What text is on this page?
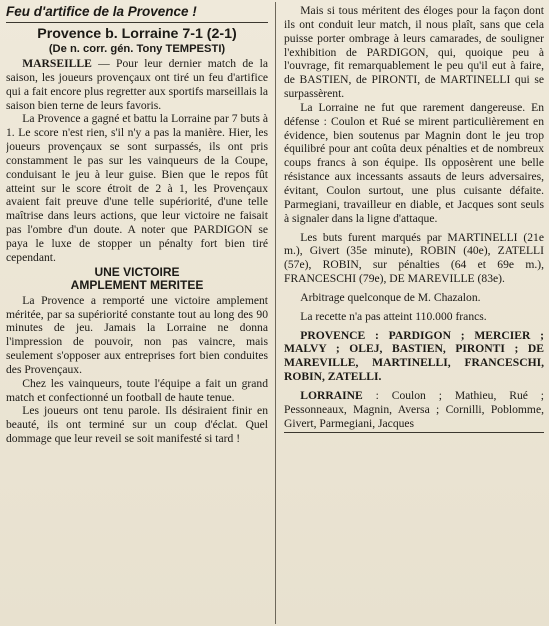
Feu d'artifice de la Provence !
Provence b. Lorraine 7-1 (2-1)
(De n. corr. gén. Tony TEMPESTI)

MARSEILLE — Pour leur dernier match de la saison, les joueurs provençaux ont tiré un feu d'artifice qui a fait encore plus regretter aux sportifs marseillais la saison bien terne de leurs favoris.

La Provence a gagné et battu la Lorraine par 7 buts à 1. Le score n'est rien, s'il n'y a pas la manière. Hier, les joueurs provençaux se sont surpassés, ils ont pris constamment le pas sur les vainqueurs de la Coupe, conduisant le jeu à leur guise. Bien que le repos fût atteint sur le score étroit de 2 à 1, les Provençaux avaient fait preuve d'une telle supériorité, d'une telle maîtrise dans leurs actions, que leur victoire ne faisait pas l'ombre d'un doute. A noter que PARDIGON se paya le luxe de stopper un pénalty fort bien tiré cependant.

UNE VICTOIRE
AMPLEMENT MERITEE

La Provence a remporté une victoire amplement méritée, par sa supériorité constante tout au long des 90 minutes de jeu. Jamais la Lorraine ne donna l'impression de pouvoir, non pas vaincre, mais seulement s'opposer aux entreprises fort bien conduites des Provençaux.

Chez les vainqueurs, toute l'équipe a fait un grand match et confectionné un football de haute tenue.

Les joueurs ont tenu parole. Ils désiraient finir en beauté, ils ont terminé sur un coup d'éclat. Quel dommage que leur reveil se soit manifesté si tard !

Mais si tous méritent des éloges pour la façon dont ils ont conduit leur match, il nous plaît, sans que cela puisse porter ombrage à leurs camarades, de souligner l'exhibition de PARDIGON, qui, quoique peu à l'ouvrage, fit remarquablement le peu qu'il eut à faire, de BASTIEN, de PIRONTI, de MARTINELLI qui se surpassèrent.

La Lorraine ne fut que rarement dangereuse. En défense : Coulon et Rué se mirent particulièrement en évidence, bien soutenus par Magnin dont le jeu trop équilibré pour ant coûta deux pénalties et de nombreux coups francs à son équipe. Ils opposèrent une belle résistance aux incessants assauts de leurs adversaires, évitant, Coulon surtout, une plus cuisante défaite. Parmegiani, travailleur en diable, et Jacques sont seuls à signaler dans la ligne d'attaque.

Les buts furent marqués par MARTINELLI (21e m.), Givert (35e minute), ROBIN (40e), ZATELLI (57e), ROBIN, sur pénalties (64 et 69e m.), FRANCESCHI (79e), DE MAREVILLE (83e).

Arbitrage quelconque de M. Chazalon.

La recette n'a pas atteint 110.000 francs.

PROVENCE : PARDIGON ; MERCIER ; MALVY ; OLEJ, BASTIEN, PIRONTI ; DE MAREVILLE, MARTINELLI, FRANCESCHI, ROBIN, ZATELLI.

LORRAINE : Coulon ; Mathieu, Rué ; Pessonneaux, Magnin, Aversa ; Cornilli, Poblomme, Givert, Parmegiani, Jacques
